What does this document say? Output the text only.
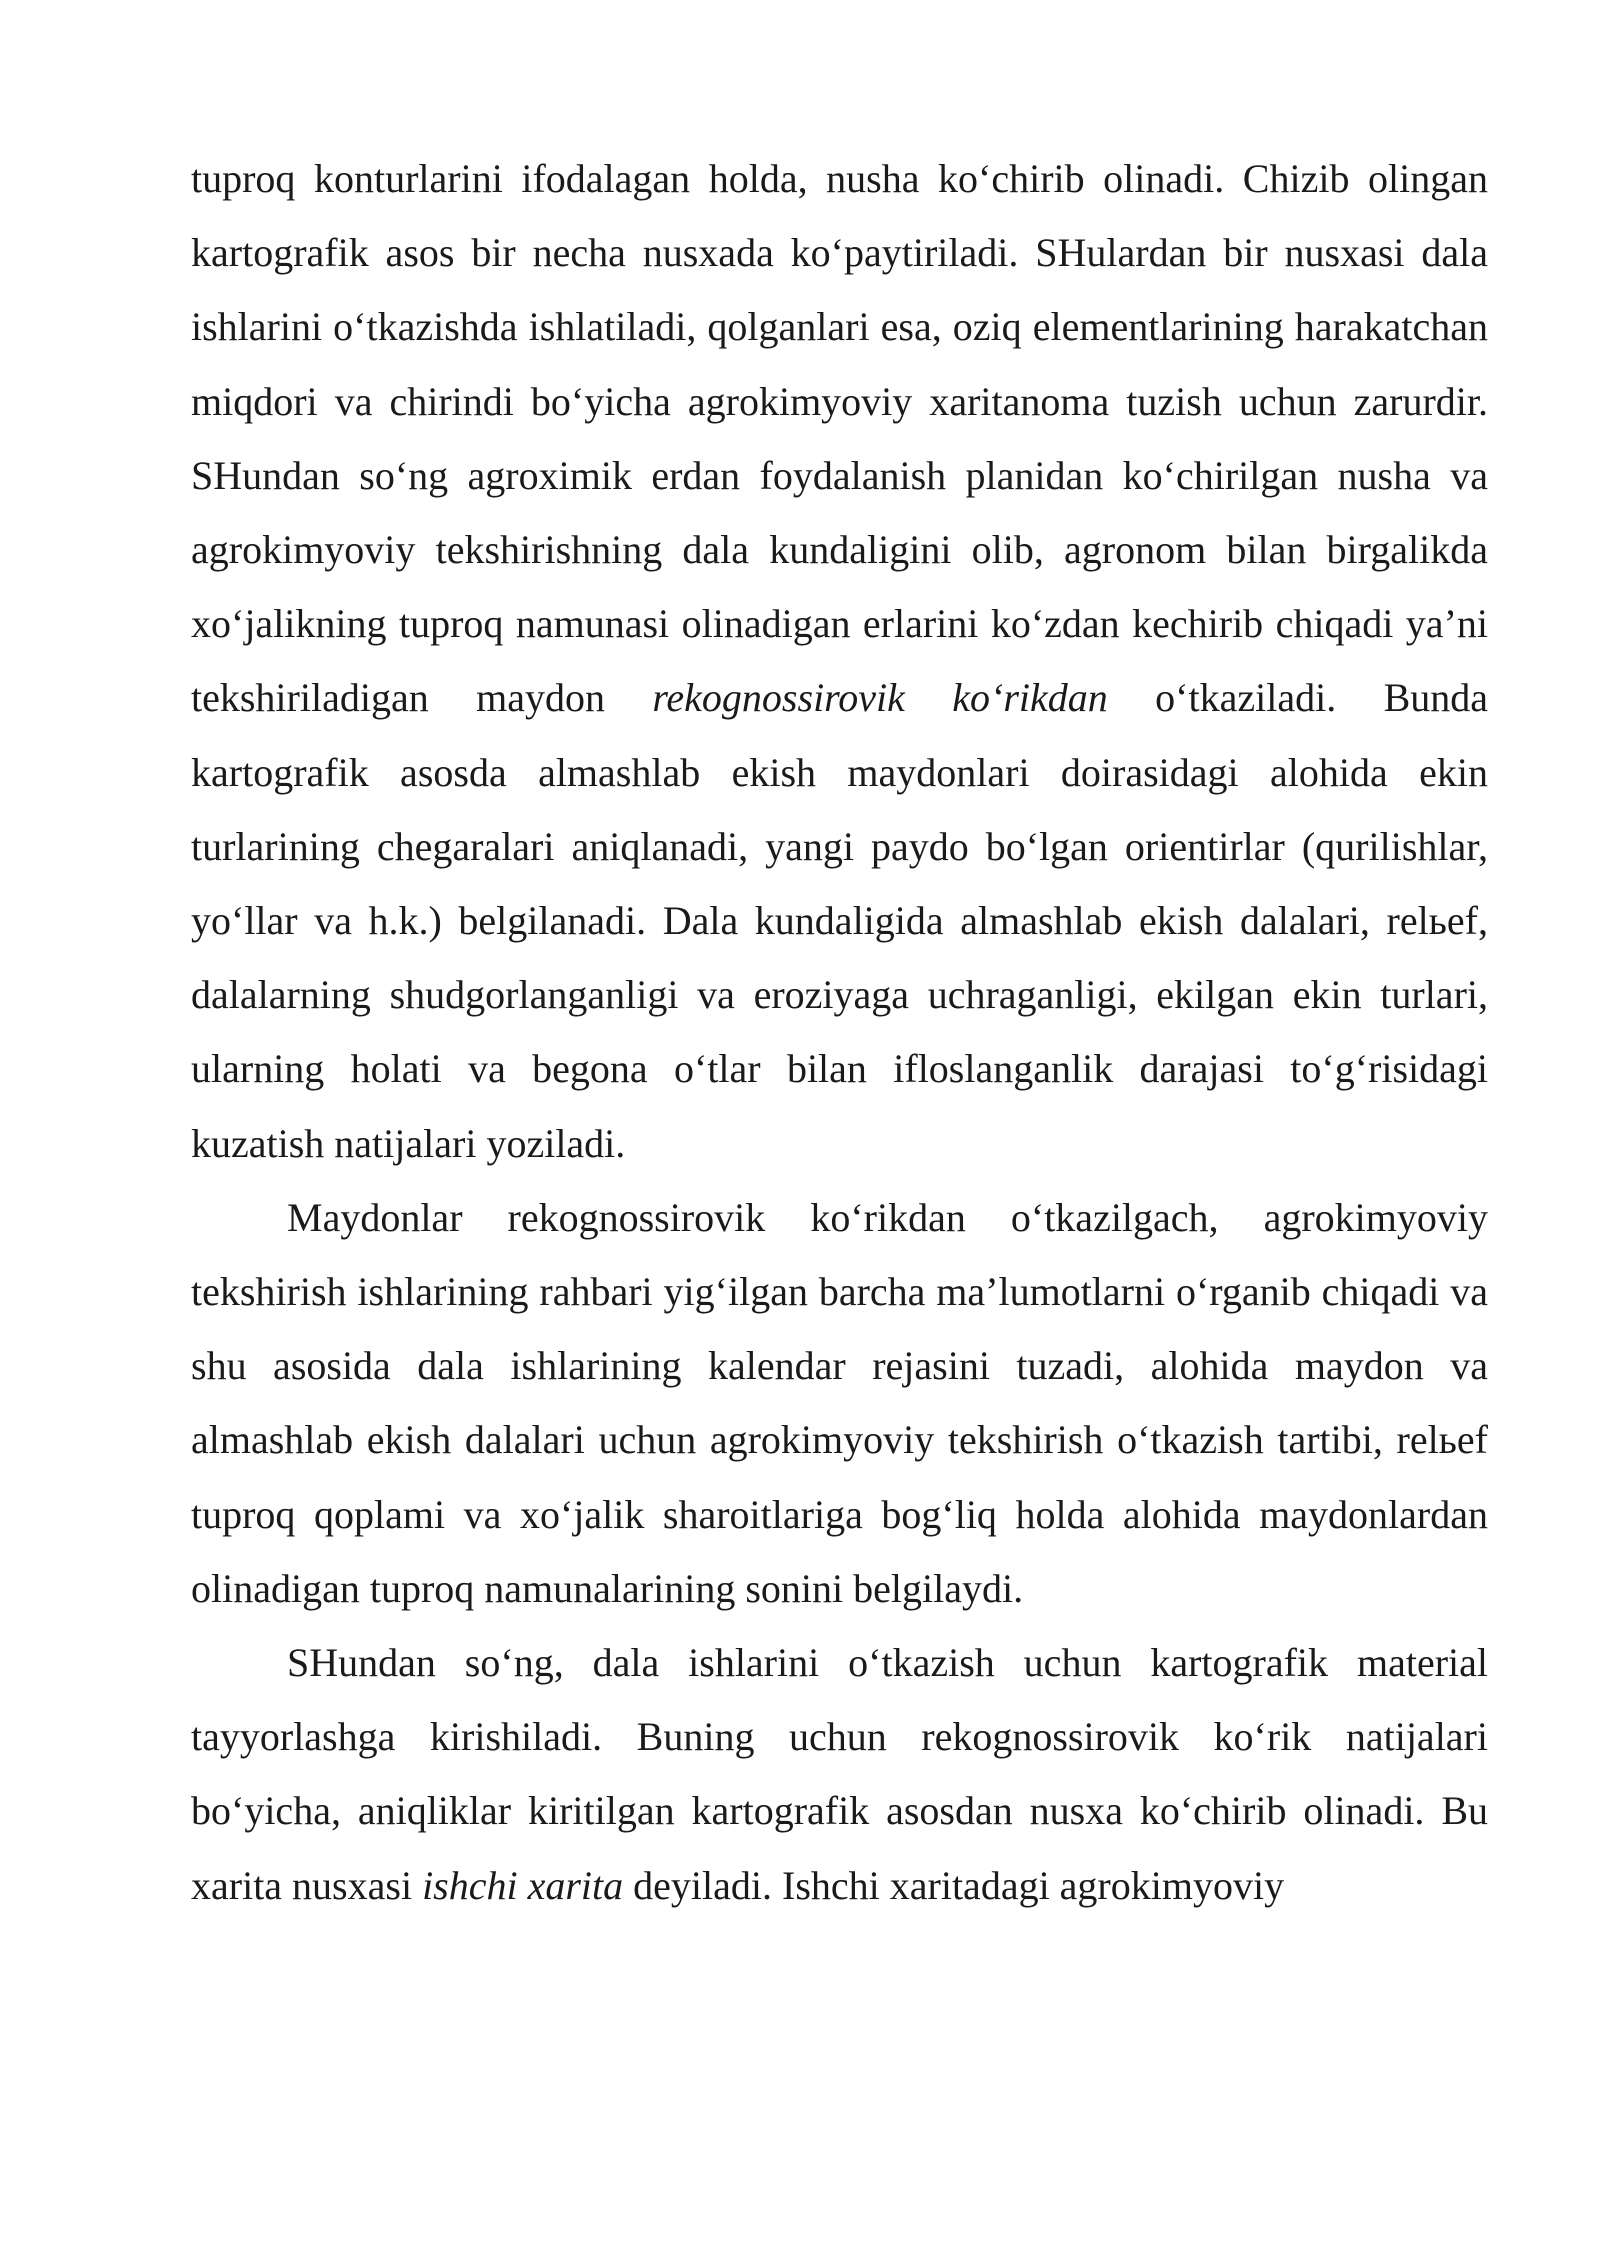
tuproq konturlarini ifodalagan holda, nusha ko‘chirib olinadi. Chizib olingan kartografik asos bir necha nusxada ko‘paytiriladi. SHulardan bir nusxasi dala ishlarini o‘tkazishda ishlatiladi, qolganlari esa, oziq elementlarining harakatchan miqdori va chirindi bo‘yicha agrokimyoviy xaritanoma tuzish uchun zarurdir. SHundan so‘ng agroximik erdan foydalanish planidan ko‘chirilgan nusha va agrokimyoviy tekshirishning dala kundaligini olib, agronom bilan birgalikda xo‘jalikning tuproq namunasi olinadigan erlarini ko‘zdan kechirib chiqadi ya’ni tekshiriladigan maydon rekognossirovik ko‘rikdan o‘tkaziladi. Bunda kartografik asosda almashlab ekish maydonlari doirasidagi alohida ekin turlarining chegaralari aniqlanadi, yangi paydo bo‘lgan orientirlar (qurilishlar, yo‘llar va h.k.) belgilanadi. Dala kundaligida almashlab ekish dalalari, relьef, dalalarning shudgorlanganligi va eroziyaga uchraganligi, ekilgan ekin turlari, ularning holati va begona o‘tlar bilan ifloslanganlik darajasi to‘g‘risidagi kuzatish natijalari yoziladi.

Maydonlar rekognossirovik ko‘rikdan o‘tkazilgach, agrokimyoviy tekshirish ishlarining rahbari yig‘ilgan barcha ma’lumotlarni o‘rganib chiqadi va shu asosida dala ishlarining kalendar rejasini tuzadi, alohida maydon va almashlab ekish dalalari uchun agrokimyoviy tekshirish o‘tkazish tartibi, relьef tuproq qoplami va xo‘jalik sharoitlariga bog‘liq holda alohida maydonlardan olinadigan tuproq namunalarining sonini belgilaydi.

SHundan so‘ng, dala ishlarini o‘tkazish uchun kartografik material tayyorlashga kirishiladi. Buning uchun rekognossirovik ko‘rik natijalari bo‘yicha, aniqliklar kiritilgan kartografik asosdan nusxa ko‘chirib olinadi. Bu xarita nusxasi ishchi xarita deyiladi. Ishchi xaritadagi agrokimyoviy
